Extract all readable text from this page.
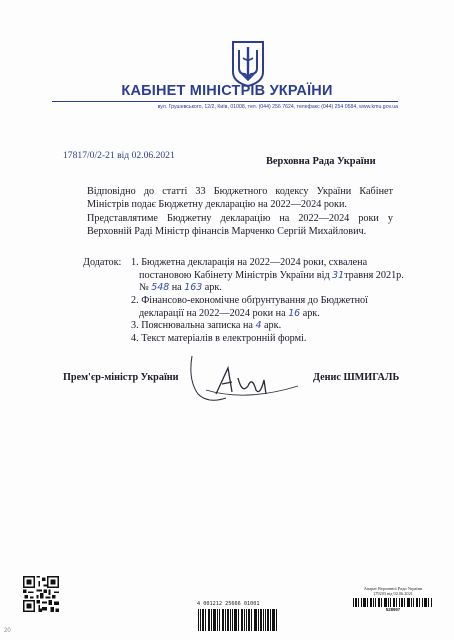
КАБІНЕТ МІНІСТРІВ УКРАЇНИ
вул. Грушевського, 12/2, Київ, 01008, тел. (044) 256 7624, телефакс (044) 254 0584, www.kmu.gov.ua
17817/0/2-21 від 02.06.2021
Верховна Рада України
Відповідно до статті 33 Бюджетного кодексу України Кабінет
Міністрів подає Бюджетну декларацію на 2022—2024 роки.
Представлятиме Бюджетну декларацію на 2022—2024 роки у
Верховній Раді Міністр фінансів Марченко Сергій Михайлович.
Додаток: 1. Бюджетна декларація на 2022—2024 роки, схвалена
постановою Кабінету Міністрів України від 31травня 2021р.
№ 548 на 163 арк.
2. Фінансово-економічне обґрунтування до Бюджетної
декларації на 2022—2024 роки на 16 арк.
3. Пояснювальна записка на 4 арк.
4. Текст матеріалів в електронній формі.
Прем'єр-міністр України	Денис ШМИГАЛЬ
20
4 001212 25666 01001
Апарат Верховної Ради України
179203 від 02.06.2021
528997
